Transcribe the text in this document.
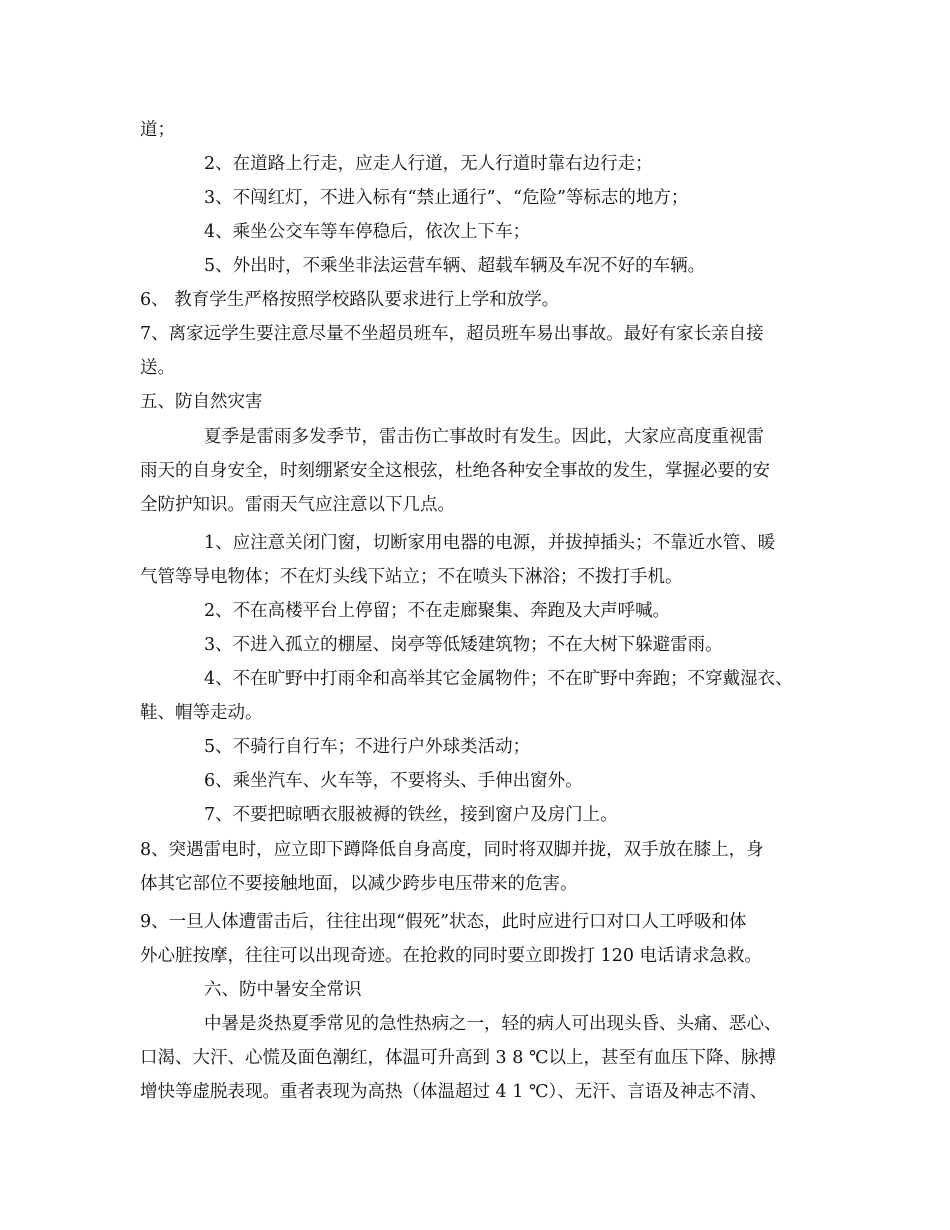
道；
2、在道路上行走，应走人行道，无人行道时靠右边行走；
3、不闯红灯，不进入标有“禁止通行”、“危险”等标志的地方；
4、乘坐公交车等车停稳后，依次上下车；
5、外出时，不乘坐非法运营车辆、超载车辆及车况不好的车辆。
6、 教育学生严格按照学校路队要求进行上学和放学。
7、离家远学生要注意尽量不坐超员班车，超员班车易出事故。最好有家长亲自接
送。
五、防自然灾害
夏季是雷雨多发季节，雷击伤亡事故时有发生。因此，大家应高度重视雷
雨天的自身安全，时刻绷紧安全这根弦，杜绝各种安全事故的发生，掌握必要的安
全防护知识。雷雨天气应注意以下几点。
1、应注意关闭门窗，切断家用电器的电源，并拔掉插头；不靠近水管、暖
气管等导电物体；不在灯头线下站立；不在喷头下淋浴；不拨打手机。
2、不在高楼平台上停留；不在走廊聚集、奔跑及大声呼喊。
3、不进入孤立的棚屋、岗亭等低矮建筑物；不在大树下躲避雷雨。
4、不在旷野中打雨伞和高举其它金属物件；不在旷野中奔跑；不穿戴湿衣、
鞋、帽等走动。
5、不骑行自行车；不进行户外球类活动；
6、乘坐汽车、火车等，不要将头、手伸出窗外。
7、不要把晾晒衣服被褥的铁丝，接到窗户及房门上。
8、突遇雷电时，应立即下蹲降低自身高度，同时将双脚并拢，双手放在膝上，身
体其它部位不要接触地面，以减少跨步电压带来的危害。
9、一旦人体遭雷击后，往往出现“假死”状态，此时应进行口对口人工呼吸和体
外心脏按摩，往往可以出现奇迹。在抢救的同时要立即拨打 120 电话请求急救。
六、防中暑安全常识
中暑是炎热夏季常见的急性热病之一，轻的病人可出现头昏、头痛、恶心、
口渴、大汗、心慌及面色潮红，体温可升高到 3 8 ℃以上，甚至有血压下降、脉搏
增快等虚脱表现。重者表现为高热（体温超过 4 1 ℃）、无汗、言语及神志不清、
